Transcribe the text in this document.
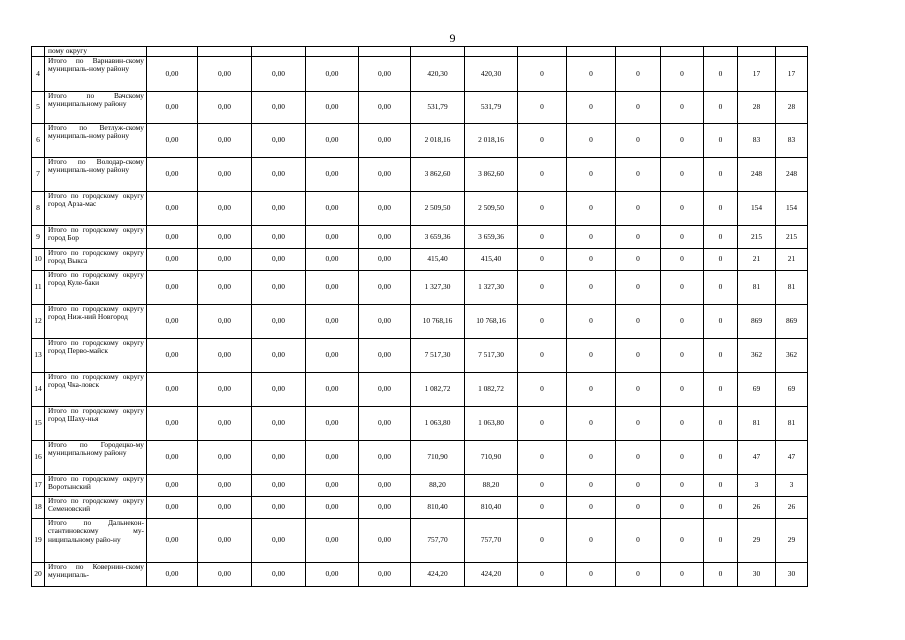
9
	пому округу														
4	Итого по Варнавин-скому муниципаль-ному району	0,00	0,00	0,00	0,00	0,00	420,30	420,30	0	0	0	0	0	17	17
5	Итого по Вачскому муниципальному району	0,00	0,00	0,00	0,00	0,00	531,79	531,79	0	0	0	0	0	28	28
6	Итого по Ветлуж-скому муниципаль-ному району	0,00	0,00	0,00	0,00	0,00	2 018,16	2 018,16	0	0	0	0	0	83	83
7	Итого по Володар-скому муниципаль-ному району	0,00	0,00	0,00	0,00	0,00	3 862,60	3 862,60	0	0	0	0	0	248	248
8	Итого по городскому округу город Арза-мас	0,00	0,00	0,00	0,00	0,00	2 509,50	2 509,50	0	0	0	0	0	154	154
9	Итого по городскому округу город Бор	0,00	0,00	0,00	0,00	0,00	3 659,36	3 659,36	0	0	0	0	0	215	215
10	Итого по городскому округу город Выкса	0,00	0,00	0,00	0,00	0,00	415,40	415,40	0	0	0	0	0	21	21
11	Итого по городскому округу город Куле-баки	0,00	0,00	0,00	0,00	0,00	1 327,30	1 327,30	0	0	0	0	0	81	81
12	Итого по городскому округу город Ниж-ний Новгород	0,00	0,00	0,00	0,00	0,00	10 768,16	10 768,16	0	0	0	0	0	869	869
13	Итого по городскому округу город Перво-майск	0,00	0,00	0,00	0,00	0,00	7 517,30	7 517,30	0	0	0	0	0	362	362
14	Итого по городскому округу город Чка-ловск	0,00	0,00	0,00	0,00	0,00	1 082,72	1 082,72	0	0	0	0	0	69	69
15	Итого по городскому округу город Шаху-нья	0,00	0,00	0,00	0,00	0,00	1 063,80	1 063,80	0	0	0	0	0	81	81
16	Итого по Городецко-му муниципальному району	0,00	0,00	0,00	0,00	0,00	710,90	710,90	0	0	0	0	0	47	47
17	Итого по городскому округу Воротынский	0,00	0,00	0,00	0,00	0,00	88,20	88,20	0	0	0	0	0	3	3
18	Итого по городскому округу Семеновский	0,00	0,00	0,00	0,00	0,00	810,40	810,40	0	0	0	0	0	26	26
19	Итого по Дальнекон-стантиновскому му-ниципальному райо-ну	0,00	0,00	0,00	0,00	0,00	757,70	757,70	0	0	0	0	0	29	29
20	Итого по Ковернин-скому муниципаль-	0,00	0,00	0,00	0,00	0,00	424,20	424,20	0	0	0	0	0	30	30
